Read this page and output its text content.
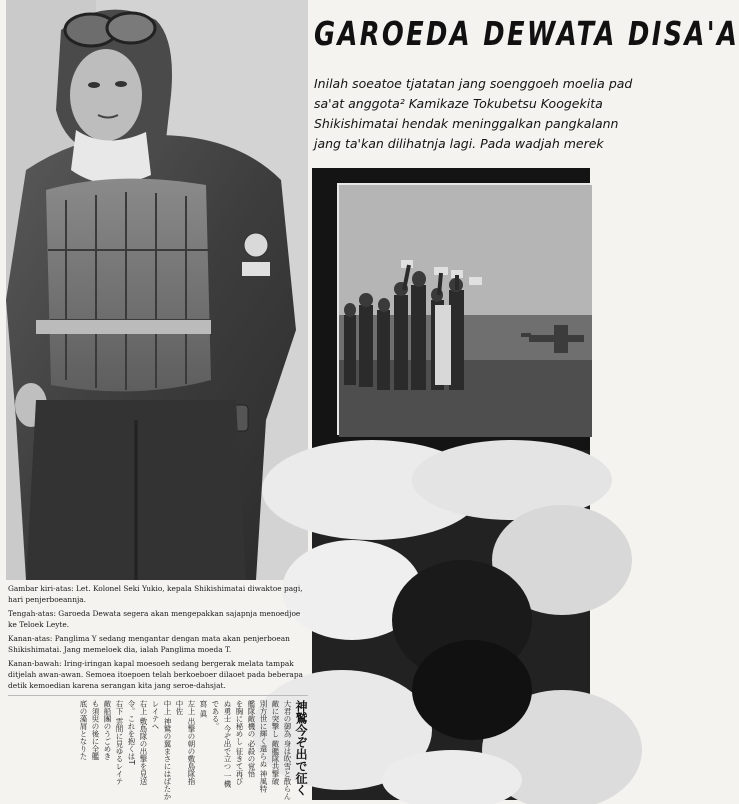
GAROEDA DEWATA DISA'A
Inilah soeatoe tjatatan jang soenggoeh moelia pad
sa'at anggota² Kamikaze Tokubetsu Koogekita
Shikishimatai hendak meninggalkan pangkalann
jang ta'kan dilihatnja lagi. Pada wadjah merek

Gambar kiri-atas: Let. Kolonel Seki Yukio, kepala Shikishimatai diwaktoe pagi, hari penjerboeannja.

Tengah-atas: Garoeda Dewata segera akan mengepakkan sajapnja menoedjoe ke Teloek Leyte.

Kanan-atas: Panglima Y sedang mengantar dengan mata akan penjerboean Shikishimatai. Jang memeloek dia, ialah Panglima moeda T.

Kanan-bawah: Iring-iringan kapal moesoeh sedang bergerak melata tampak ditjelah awan-awan. Semoea itoepoen telah berkoeboer dilaoet pada beberapa detik kemoedian karena serangan kita jang seroe-dahsjat.

神鷲今ぞ出で征く
大君の御為 身は吹雪と散らん
敵に突撃し 敵艦隊共撃破
別方世に輝く還らぬ 神風特
艦隊敵機の 必殺の覚悟
を胸に秘めし 征きて再び
ぬ勇士 今ぞ出で立つ 一機
である。
寫 眞
左上 出撃の朝の敷島隊指
中佐
中上 神鷲の翼まさにはばたか
レイテへ
右上 敷島隊の出撃を見送
令。これを抱くはT
右下 雲間に見ゆるレイテ
敵船團のうごめき
も須臾の後に全艦
底の藻屑となりた
